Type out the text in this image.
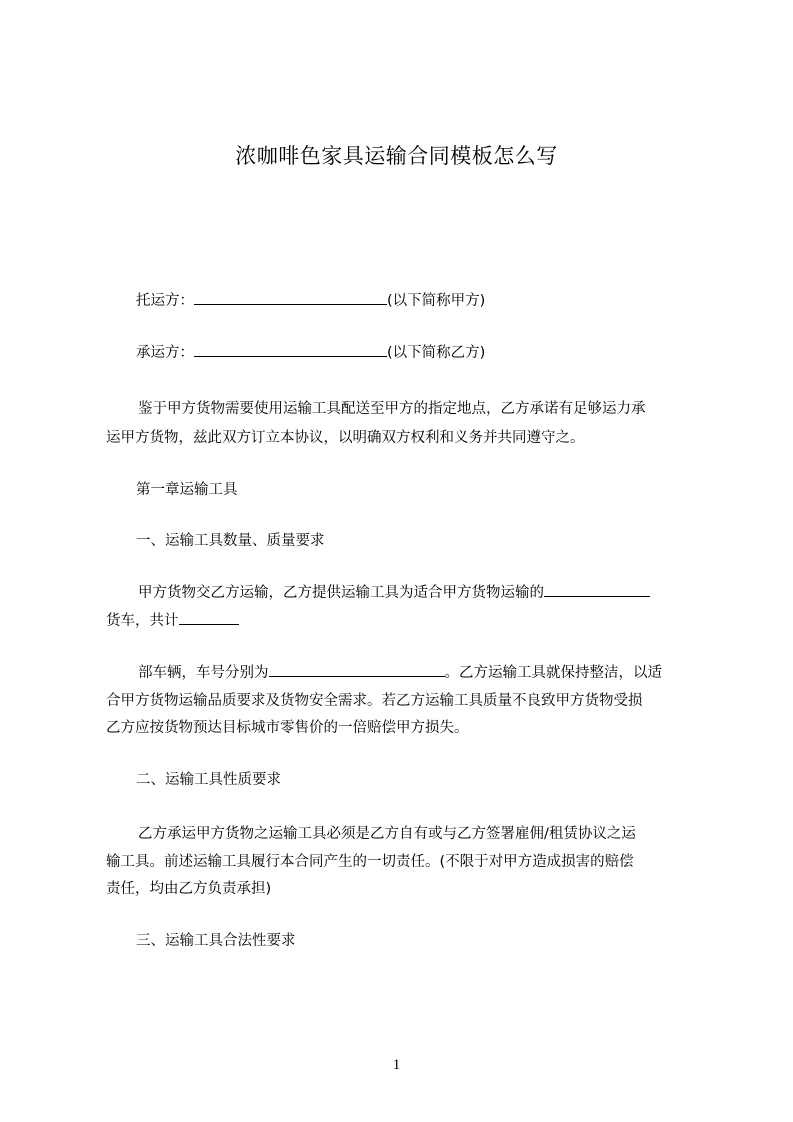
浓咖啡色家具运输合同模板怎么写
托运方：	(以下简称甲方)
承运方：	(以下简称乙方)
鉴于甲方货物需要使用运输工具配送至甲方的指定地点，乙方承诺有足够运力承
运甲方货物，兹此双方订立本协议，以明确双方权利和义务并共同遵守之。
第一章运输工具
一、运输工具数量、质量要求
甲方货物交乙方运输，乙方提供运输工具为适合甲方货物运输的
货车，共计
部车辆，车号分别为	。乙方运输工具就保持整洁，以适
合甲方货物运输品质要求及货物安全需求。若乙方运输工具质量不良致甲方货物受损
乙方应按货物预达目标城市零售价的一倍赔偿甲方损失。
二、运输工具性质要求
乙方承运甲方货物之运输工具必须是乙方自有或与乙方签署雇佣/租赁协议之运
输工具。前述运输工具履行本合同产生的一切责任。(不限于对甲方造成损害的赔偿
责任，均由乙方负责承担)
三、运输工具合法性要求
1
